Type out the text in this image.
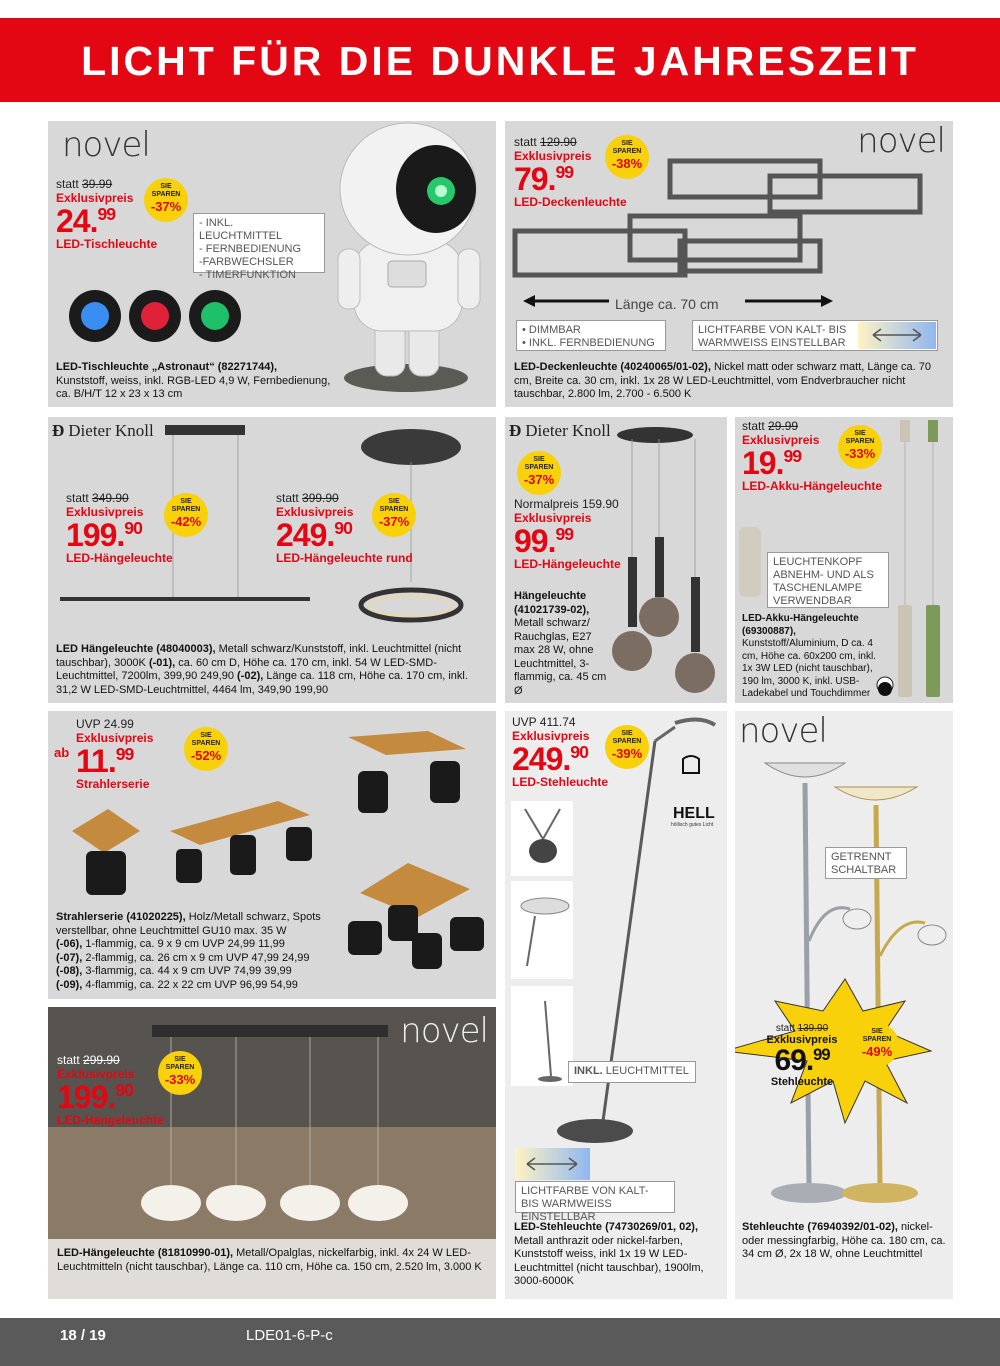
LICHT FÜR DIE DUNKLE JAHRESZEIT
novel
statt 39.99
Exklusivpreis
24.99
LED-Tischleuchte
SIE
SPAREN
-37%
- INKL. LEUCHTMITTEL
- FERNBEDIENUNG
-FARBWECHSLER
- TIMERFUNKTION
LED-Tischleuchte „Astronaut“ (82271744), Kunststoff, weiss, inkl. RGB-LED 4,9 W, Fernbedienung, ca. B/H/T 12 x 23 x 13 cm
novel
statt 129.90
Exklusivpreis
79.99
LED-Deckenleuchte
SIE
SPAREN
-38%
Länge ca. 70 cm
• DIMMBAR
• INKL. FERNBEDIENUNG
LICHTFARBE VON KALT- BIS WARMWEISS EINSTELLBAR
LED-Deckenleuchte (40240065/01-02), Nickel matt oder schwarz matt, Länge ca. 70 cm, Breite ca. 30 cm, inkl. 1x 28 W LED-Leuchtmittel, vom Endverbraucher nicht tauschbar, 2.800 lm, 2.700 - 6.500 K
Ð Dieter Knoll
statt 349.90
Exklusivpreis
199.90
LED-Hängeleuchte
SIE
SPAREN
-42%
statt 399.90
Exklusivpreis
249.90
LED-Hängeleuchte rund
SIE
SPAREN
-37%
LED Hängeleuchte (48040003), Metall schwarz/Kunststoff, inkl. Leuchtmittel (nicht tauschbar), 3000K (-01), ca. 60 cm D, Höhe ca. 170 cm, inkl. 54 W LED-SMD-Leuchtmittel, 7200lm, 399,90 249,90 (-02), Länge ca. 118 cm, Höhe ca. 170 cm, inkl. 31,2 W LED-SMD-Leuchtmittel, 4464 lm, 349,90 199,90
Ð Dieter Knoll
SIE
SPAREN
-37%
Normalpreis 159.90
Exklusivpreis
99.99
LED-Hängeleuchte
Hängeleuchte (41021739-02), Metall schwarz/ Rauchglas, E27 max 28 W, ohne Leuchtmittel, 3-flammig, ca. 45 cm Ø
statt 29.99
Exklusivpreis
19.99
LED-Akku-Hängeleuchte
SIE
SPAREN
-33%
LEUCHTENKOPF ABNEHM- UND ALS TASCHENLAMPE VERWENDBAR
LED-Akku-Hängeleuchte (69300887), Kunststoff/Aluminium, D ca. 4 cm, Höhe ca. 60x200 cm, inkl. 1x 3W LED (nicht tauschbar), 190 lm, 3000 K, inkl. USB-Ladekabel und Touchdimmer
UVP 24.99
Exklusivpreis
11.99
Strahlerserie
ab
SIE
SPAREN
-52%
Strahlerserie (41020225), Holz/Metall schwarz, Spots verstellbar, ohne Leuchtmittel GU10 max. 35 W
(-06), 1-flammig, ca. 9 x 9 cm UVP 24,99 11,99
(-07), 2-flammig, ca. 26 cm x 9 cm UVP 47,99 24,99
(-08), 3-flammig, ca. 44 x 9 cm UVP 74,99 39,99
(-09), 4-flammig, ca. 22 x 22 cm UVP 96,99 54,99
UVP 411.74
Exklusivpreis
249.90
LED-Stehleuchte
SIE
SPAREN
-39%
HELL
höllisch gutes Licht
INKL. LEUCHTMITTEL
LICHTFARBE VON KALT- BIS WARMWEISS EINSTELLBAR
LED-Stehleuchte (74730269/01, 02), Metall anthrazit oder nickel-farben, Kunststoff weiss, inkl 1x 19 W LED-Leuchtmittel (nicht tauschbar), 1900lm, 3000-6000K
novel
GETRENNT SCHALTBAR
statt 139.90
Exklusivpreis
69.99
Stehleuchte
SIE
SPAREN
-49%
Stehleuchte (76940392/01-02), nickel- oder messingfarbig, Höhe ca. 180 cm, ca. 34 cm Ø, 2x 18 W, ohne Leuchtmittel
novel
statt 299.90
Exklusivpreis
199.90
LED-Hängeleuchte
SIE
SPAREN
-33%
LED-Hängeleuchte (81810990-01), Metall/Opalglas, nickelfarbig, inkl. 4x 24 W LED-Leuchtmitteln (nicht tauschbar), Länge ca. 110 cm, Höhe ca. 150 cm, 2.520 lm, 3.000 K
18 / 19	LDE01-6-P-c
